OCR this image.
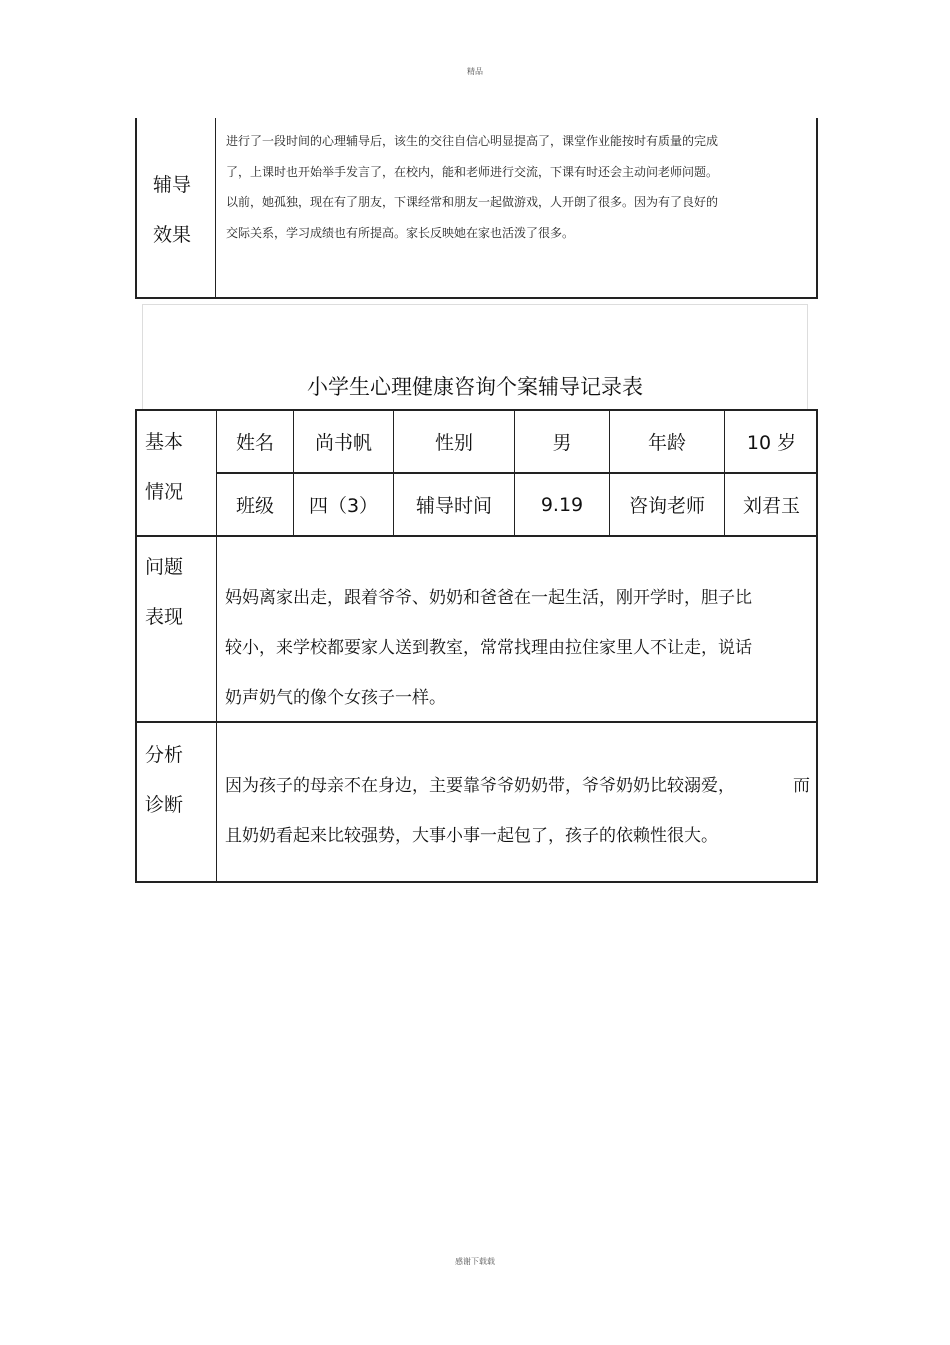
精品
辅导
效果
进行了一段时间的心理辅导后，该生的交往自信心明显提高了，课堂作业能按时有质量的完成
了，上课时也开始举手发言了，在校内，能和老师进行交流，下课有时还会主动问老师问题。
以前，她孤独，现在有了朋友，下课经常和朋友一起做游戏，人开朗了很多。因为有了良好的
交际关系，学习成绩也有所提高。家长反映她在家也活泼了很多。
小学生心理健康咨询个案辅导记录表
基本
情况
姓名	尚书帆	性别	男	年龄	10 岁
班级	四（3）	辅导时间	9.19	咨询老师	刘君玉
问题
表现
妈妈离家出走，跟着爷爷、奶奶和爸爸在一起生活，刚开学时，胆子比
较小，来学校都要家人送到教室，常常找理由拉住家里人不让走，说话
奶声奶气的像个女孩子一样。
分析
诊断
因为孩子的母亲不在身边，主要靠爷爷奶奶带，爷爷奶奶比较溺爱，	而
且奶奶看起来比较强势，大事小事一起包了，孩子的依赖性很大。
感谢下载载
